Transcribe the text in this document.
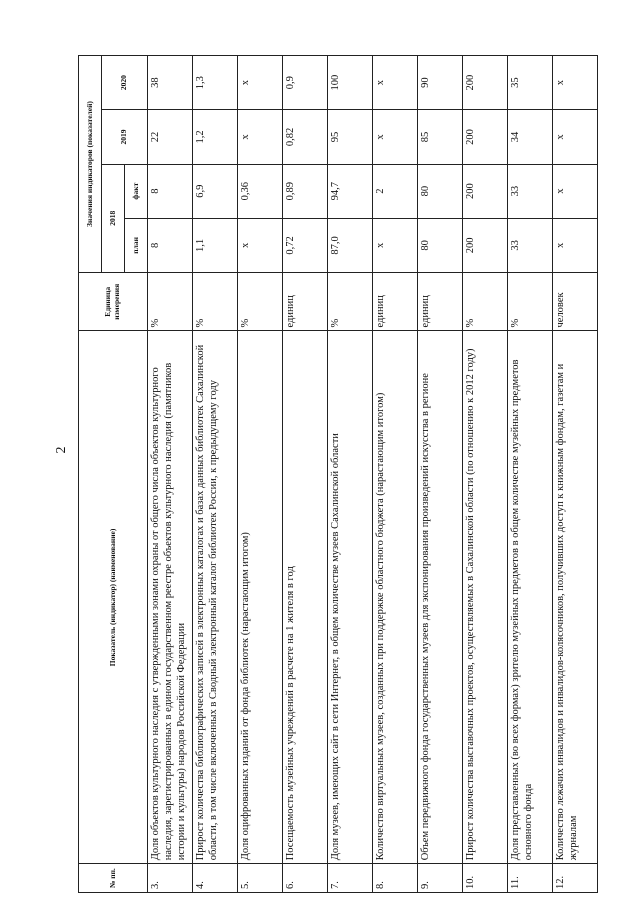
2
№ пп.	Показатель (индикатор) (наименование)	Единица измерения	Значения индикаторов (показателей)			
			2018		2019	2020
			план	факт		
3.	Доля объектов культурного наследия с утвержденными зонами охраны от общего числа объектов культурного наследия, зарегистрированных в едином государственном реестре объектов культурного наследия (памятников истории и культуры) народов Российской Федерации	%	8	8	22	38
4.	Прирост количества библиографических записей в электронных каталогах и базах данных библиотек Сахалинской области, в том числе включенных в Сводный электронный каталог библиотек России, к предыдущему году	%	1,1	6,9	1,2	1,3
5.	Доля оцифрованных изданий от фонда библиотек (нарастающим итогом)	%	х	0,36	х	х
6.	Посещаемость музейных учреждений в расчете на 1 жителя в год	единиц	0,72	0,89	0,82	0,9
7.	Доля музеев, имеющих сайт в сети Интернет, в общем количестве музеев Сахалинской области	%	87,0	94,7	95	100
8.	Количество виртуальных музеев, созданных при поддержке областного бюджета (нарастающим итогом)	единиц	х	2	х	х
9.	Объем передвижного фонда государственных музеев для экспонирования произведений искусства в регионе	единиц	80	80	85	90
10.	Прирост количества выставочных проектов, осуществляемых в Сахалинской области (по отношению к 2012 году)	%	200	200	200	200
11.	Доля представленных (во всех формах) зрителю музейных предметов в общем количестве музейных предметов основного фонда	%	33	33	34	35
12.	Количество лежачих инвалидов и инвалидов-колясочников, получивших доступ к книжным фондам, газетам и журналам	человек	х	х	х	х
